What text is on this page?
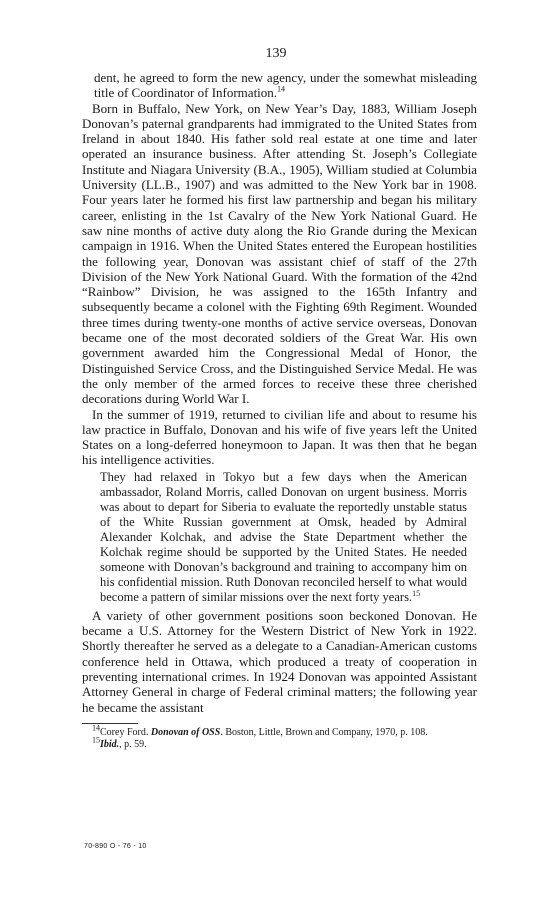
139

dent, he agreed to form the new agency, under the somewhat misleading title of Coordinator of Information.$^{14}$

Born in Buffalo, New York, on New Year’s Day, 1883, William Joseph Donovan’s paternal grandparents had immigrated to the United States from Ireland in about 1840. His father sold real estate at one time and later operated an insurance business. After attending St. Joseph’s Collegiate Institute and Niagara University (B.A., 1905), William studied at Columbia University (LL.B., 1907) and was admitted to the New York bar in 1908. Four years later he formed his first law partnership and began his military career, enlisting in the 1st Cavalry of the New York National Guard. He saw nine months of active duty along the Rio Grande during the Mexican campaign in 1916. When the United States entered the European hostilities the following year, Donovan was assistant chief of staff of the 27th Division of the New York National Guard. With the formation of the 42nd “Rainbow” Division, he was assigned to the 165th Infantry and subsequently became a colonel with the Fighting 69th Regiment. Wounded three times during twenty-one months of active service overseas, Donovan became one of the most decorated soldiers of the Great War. His own government awarded him the Congressional Medal of Honor, the Distinguished Service Cross, and the Distinguished Service Medal. He was the only member of the armed forces to receive these three cherished decorations during World War I.

In the summer of 1919, returned to civilian life and about to resume his law practice in Buffalo, Donovan and his wife of five years left the United States on a long-deferred honeymoon to Japan. It was then that he began his intelligence activities.

They had relaxed in Tokyo but a few days when the American ambassador, Roland Morris, called Donovan on urgent business. Morris was about to depart for Siberia to evaluate the reportedly unstable status of the White Russian government at Omsk, headed by Admiral Alexander Kolchak, and advise the State Department whether the Kolchak regime should be supported by the United States. He needed someone with Donovan’s background and training to accompany him on his confidential mission. Ruth Donovan reconciled herself to what would become a pattern of similar missions over the next forty years.$^{15}$

A variety of other government positions soon beckoned Donovan. He became a U.S. Attorney for the Western District of New York in 1922. Shortly thereafter he served as a delegate to a Canadian-American customs conference held in Ottawa, which produced a treaty of cooperation in preventing international crimes. In 1924 Donovan was appointed Assistant Attorney General in charge of Federal criminal matters; the following year he became the assistant

$^{14}$Corey Ford. Donovan of OSS. Boston, Little, Brown and Company, 1970, p. 108.

$^{15}$Ibid., p. 59.

70-890 O - 76 - 10
